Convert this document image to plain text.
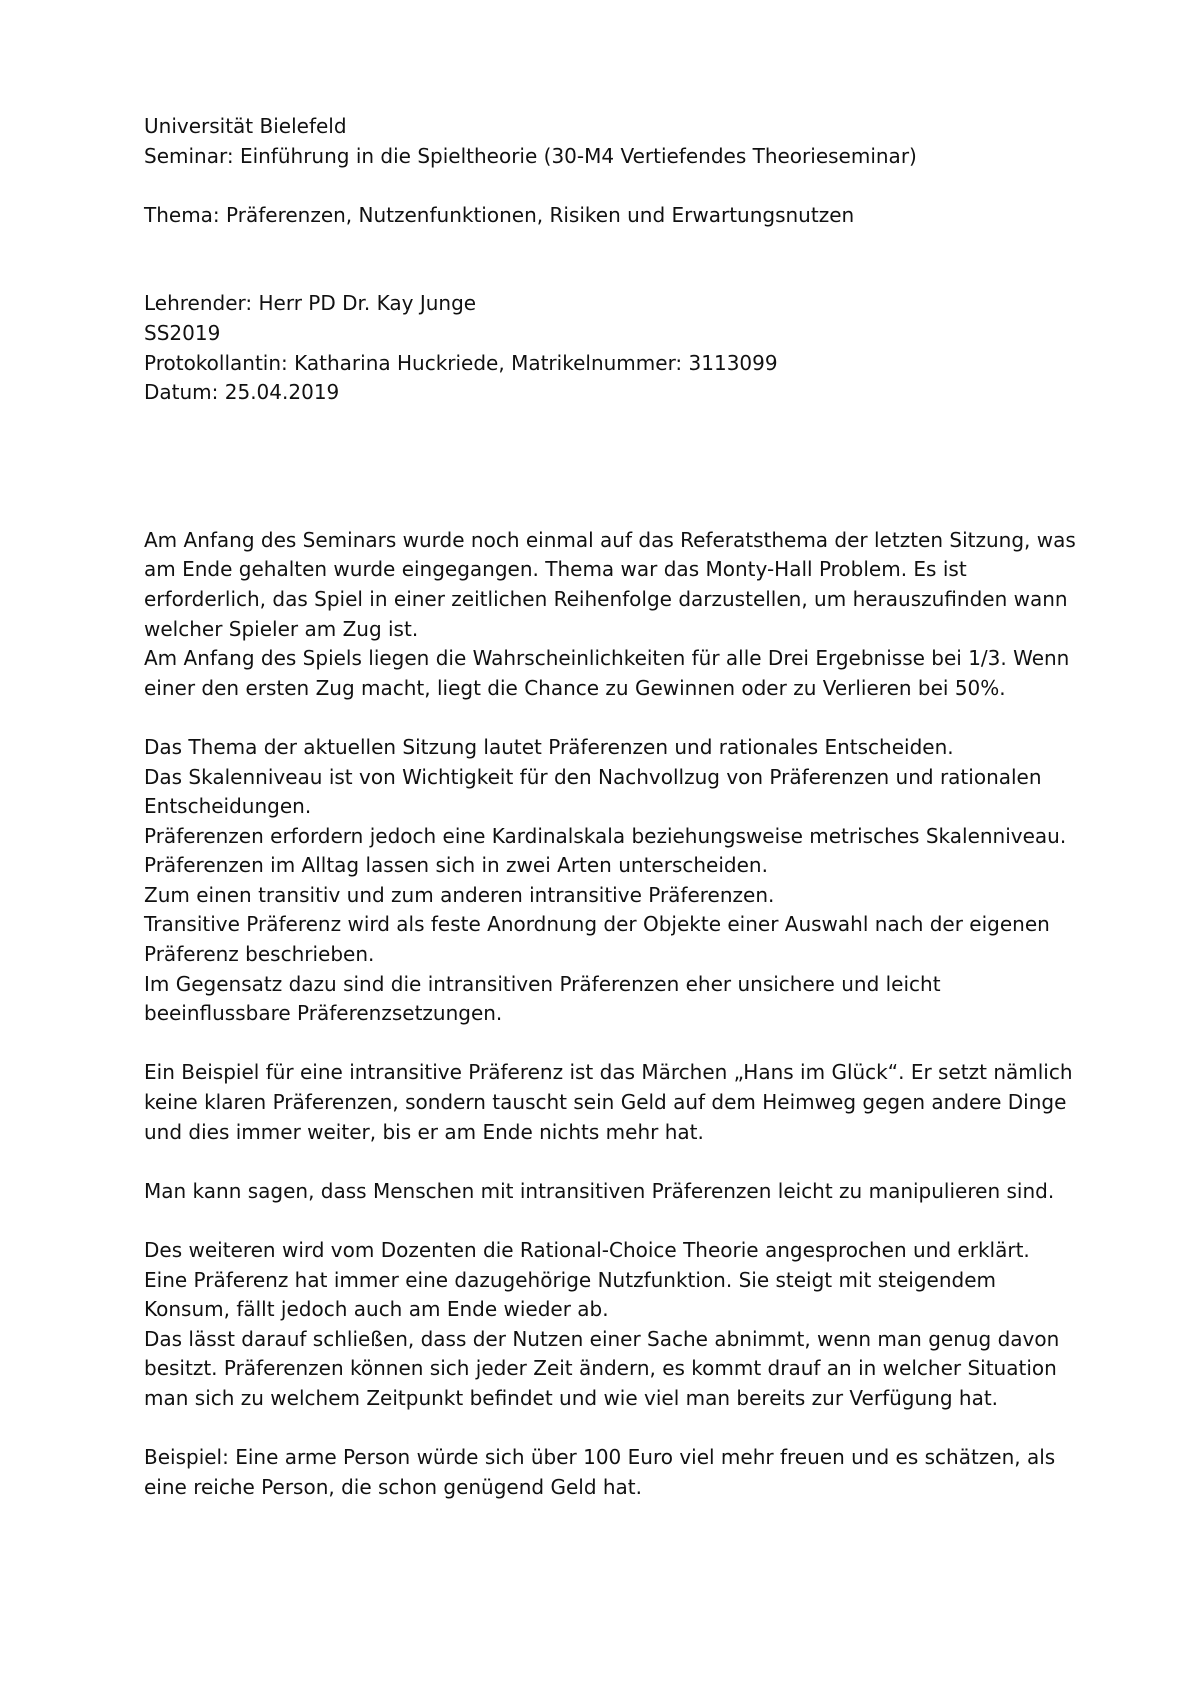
Universität Bielefeld
Seminar: Einführung in die Spieltheorie (30-M4 Vertiefendes Theorieseminar)
Thema: Präferenzen, Nutzenfunktionen, Risiken und Erwartungsnutzen
Lehrender: Herr PD Dr. Kay Junge
SS2019
Protokollantin: Katharina Huckriede, Matrikelnummer: 3113099
Datum: 25.04.2019
Am Anfang des Seminars wurde noch einmal auf das Referatsthema der letzten Sitzung, was
am Ende gehalten wurde eingegangen. Thema war das Monty-Hall Problem. Es ist
erforderlich, das Spiel in einer zeitlichen Reihenfolge darzustellen, um herauszufinden wann
welcher Spieler am Zug ist.
Am Anfang des Spiels liegen die Wahrscheinlichkeiten für alle Drei Ergebnisse bei 1/3. Wenn
einer den ersten Zug macht, liegt die Chance zu Gewinnen oder zu Verlieren bei 50%.
Das Thema der aktuellen Sitzung lautet Präferenzen und rationales Entscheiden.
Das Skalenniveau ist von Wichtigkeit für den Nachvollzug von Präferenzen und rationalen
Entscheidungen.
Präferenzen erfordern jedoch eine Kardinalskala beziehungsweise metrisches Skalenniveau.
Präferenzen im Alltag lassen sich in zwei Arten unterscheiden.
Zum einen transitiv und zum anderen intransitive Präferenzen.
Transitive Präferenz wird als feste Anordnung der Objekte einer Auswahl nach der eigenen
Präferenz beschrieben.
Im Gegensatz dazu sind die intransitiven Präferenzen eher unsichere und leicht
beeinflussbare Präferenzsetzungen.
Ein Beispiel für eine intransitive Präferenz ist das Märchen „Hans im Glück“. Er setzt nämlich
keine klaren Präferenzen, sondern tauscht sein Geld auf dem Heimweg gegen andere Dinge
und dies immer weiter, bis er am Ende nichts mehr hat.
Man kann sagen, dass Menschen mit intransitiven Präferenzen leicht zu manipulieren sind.
Des weiteren wird vom Dozenten die Rational-Choice Theorie angesprochen und erklärt.
Eine Präferenz hat immer eine dazugehörige Nutzfunktion. Sie steigt mit steigendem
Konsum, fällt jedoch auch am Ende wieder ab.
Das lässt darauf schließen, dass der Nutzen einer Sache abnimmt, wenn man genug davon
besitzt. Präferenzen können sich jeder Zeit ändern, es kommt drauf an in welcher Situation
man sich zu welchem Zeitpunkt befindet und wie viel man bereits zur Verfügung hat.
Beispiel: Eine arme Person würde sich über 100 Euro viel mehr freuen und es schätzen, als
eine reiche Person, die schon genügend Geld hat.
